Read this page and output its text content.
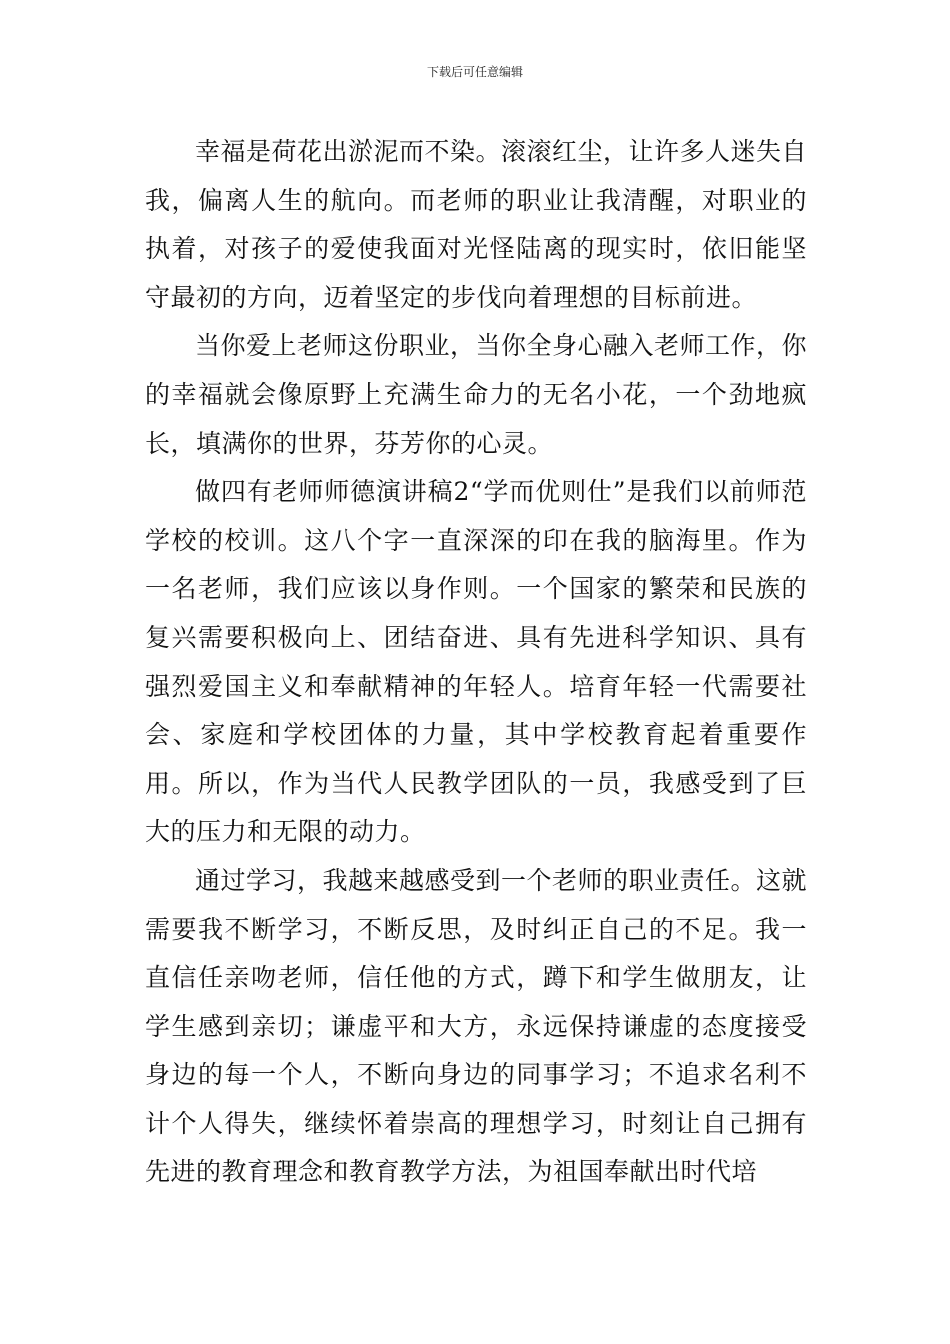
下载后可任意编辑

幸福是荷花出淤泥而不染。滚滚红尘，让许多人迷失自我，偏离人生的航向。而老师的职业让我清醒，对职业的执着，对孩子的爱使我面对光怪陆离的现实时，依旧能坚守最初的方向，迈着坚定的步伐向着理想的目标前进。

当你爱上老师这份职业，当你全身心融入老师工作，你的幸福就会像原野上充满生命力的无名小花，一个劲地疯长，填满你的世界，芬芳你的心灵。

做四有老师师德演讲稿2“学而优则仕”是我们以前师范学校的校训。这八个字一直深深的印在我的脑海里。作为一名老师，我们应该以身作则。一个国家的繁荣和民族的复兴需要积极向上、团结奋进、具有先进科学知识、具有强烈爱国主义和奉献精神的年轻人。培育年轻一代需要社会、家庭和学校团体的力量，其中学校教育起着重要作用。所以，作为当代人民教学团队的一员，我感受到了巨大的压力和无限的动力。

通过学习，我越来越感受到一个老师的职业责任。这就需要我不断学习，不断反思，及时纠正自己的不足。我一直信任亲吻老师，信任他的方式，蹲下和学生做朋友，让学生感到亲切；谦虚平和大方，永远保持谦虚的态度接受身边的每一个人，不断向身边的同事学习；不追求名利不计个人得失，继续怀着崇高的理想学习，时刻让自己拥有先进的教育理念和教育教学方法，为祖国奉献出时代培
